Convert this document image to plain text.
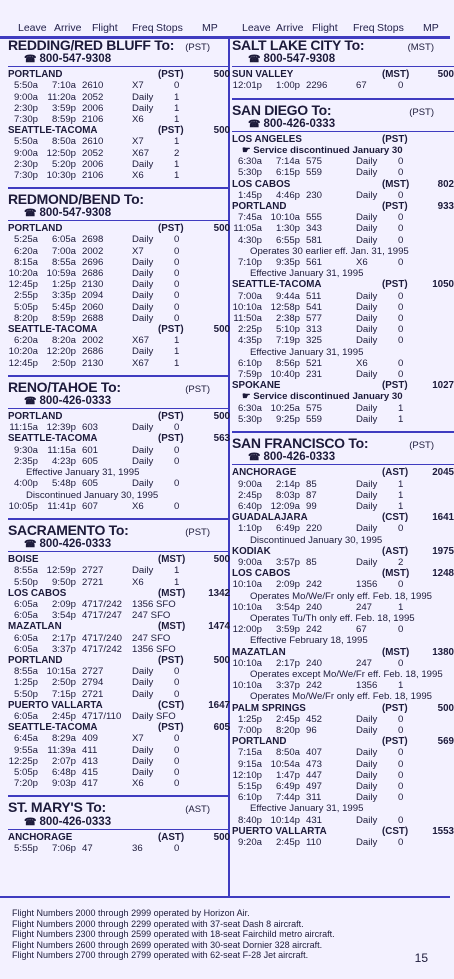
Leave Arrive Flight Freq Stops MP Leave Arrive Flight Freq Stops MP
REDDING/RED BLUFF To: (PST)
☎ 800-547-9308
PORTLAND	(PST)	500
5:50a	7:10a 2610	X7	0
9:00a 11:20a 2052	Daily	1
2:30p	3:59p 2006	Daily	1
7:30p	8:59p 2106	X6	1
SEATTLE-TACOMA	(PST)	500
5:50a	8:50a 2610	X7	1
9:00a 12:50p 2052	X67	2
2:30p	5:20p 2006	Daily	1
7:30p 10:30p 2106	X6	1
REDMOND/BEND To:
☎ 800-547-9308
PORTLAND	(PST)	500
5:25a	6:05a 2698	Daily	0
6:20a	7:00a 2002	X7	0
8:15a	8:55a 2696	Daily	0
10:20a 10:59a 2686	Daily	0
12:45p	1:25p 2130	Daily	0
2:55p	3:35p 2094	Daily	0
5:05p	5:45p 2060	Daily	0
8:20p	8:59p 2688	Daily	0
SEATTLE-TACOMA	(PST)	500
6:20a	8:20a 2002	X67	1
10:20a 12:20p 2686	Daily	1
12:45p	2:50p 2130	X67	1
RENO/TAHOE To:	(PST)
☎ 800-426-0333
PORTLAND	(PST)	500
11:15a 12:39p 603	Daily	0
SEATTLE-TACOMA	(PST)	563
9:30a 11:15a 601	Daily	0
2:35p	4:23p 605	Daily	0
Effective January 31, 1995
4:00p	5:48p 605	Daily	0
Discontinued January 30, 1995
10:05p 11:41p 607	X6	0
SACRAMENTO To:	(PST)
☎ 800-426-0333
BOISE	(MST)	500
8:55a 12:59p 2727	Daily	1
5:50p	9:50p 2721	X6	1
LOS CABOS	(MST)	1342
6:05a	2:09p 4717/242	1356 SFO
6:05a	3:54p 4717/247	247 SFO
MAZATLAN	(MST)	1474
6:05a	2:17p 4717/240	247 SFO
6:05a	3:37p 4717/242	1356 SFO
PORTLAND	(PST)	500
8:55a 10:15a 2727	Daily	0
1:25p	2:50p 2794	Daily	0
5:50p	7:15p 2721	Daily	0
PUERTO VALLARTA	(CST)	1647
6:05a	2:45p 4717/110	Daily SFO
SEATTLE-TACOMA	(PST)	605
6:45a	8:29a 409	X7	0
9:55a 11:39a 411	Daily	0
12:25p	2:07p 413	Daily	0
5:05p	6:48p 415	Daily	0
7:20p	9:03p 417	X6	0
ST. MARY'S To:	(AST)
☎ 800-426-0333
ANCHORAGE	(AST)	500
5:55p	7:06p 47	36	0
SALT LAKE CITY To:	(MST)
☎ 800-547-9308
SUN VALLEY	(MST)	500
12:01p	1:00p 2296	67	0
SAN DIEGO To:	(PST)
☎ 800-426-0333
LOS ANGELES	(PST)
☛ Service discontinued January 30
6:30a	7:14a 575	Daily	0
5:30p	6:15p 559	Daily	0
LOS CABOS	(MST)	802
1:45p	4:46p 230	Daily	0
PORTLAND	(PST)	933
7:45a 10:10a 555	Daily	0
11:05a	1:30p 343	Daily	0
4:30p	6:55p 581	Daily	0
Operates 30 earlier eff. Jan. 31, 1995
7:10p	9:35p 561	X6	0
Effective January 31, 1995
SEATTLE-TACOMA	(PST)	1050
7:00a	9:44a 511	Daily	0
10:10a 12:58p 541	Daily	0
11:50a	2:38p 577	Daily	0
2:25p	5:10p 313	Daily	0
4:35p	7:19p 325	Daily	0
Effective January 31, 1995
6:10p	8:56p 521	X6	0
7:59p 10:40p 231	Daily	0
SPOKANE	(PST)	1027
☛ Service discontinued January 30
6:30a 10:25a 575	Daily	1
5:30p	9:25p 559	Daily	1
SAN FRANCISCO To:	(PST)
☎ 800-426-0333
ANCHORAGE	(AST)	2045
9:00a	2:14p 85	Daily	1
2:45p	8:03p 87	Daily	1
6:40p 12:09a 99	Daily	1
GUADALAJARA	(CST)	1641
1:10p	6:49p 220	Daily	0
Discontinued January 30, 1995
KODIAK	(AST)	1975
9:00a	3:57p 85	Daily	2
LOS CABOS	(MST)	1248
10:10a	2:09p 242	1356	0
Operates Mo/We/Fr only eff. Feb. 18, 1995
10:10a	3:54p 240	247	1
Operates Tu/Th only eff. Feb. 18, 1995
12:00p	3:59p 242	67	0
Effective February 18, 1995
MAZATLAN	(MST)	1380
10:10a	2:17p 240	247	0
Operates except Mo/We/Fr eff. Feb. 18, 1995
10:10a	3:37p 242	1356	1
Operates Mo/We/Fr only eff. Feb. 18, 1995
PALM SPRINGS	(PST)	500
1:25p	2:45p 452	Daily	0
7:00p	8:20p 96	Daily	0
PORTLAND	(PST)	569
7:15a	8:50a 407	Daily	0
9:15a 10:54a 473	Daily	0
12:10p	1:47p 447	Daily	0
5:15p	6:49p 497	Daily	0
6:10p	7:44p 311	Daily	0
Effective January 31, 1995
8:40p 10:14p 431	Daily	0
PUERTO VALLARTA	(CST)	1553
9:20a	2:45p 110	Daily	0
Flight Numbers 2000 through 2999 operated by Horizon Air.
Flight Numbers 2000 through 2299 operated with 37-seat Dash 8 aircraft.
Flight Numbers 2300 through 2599 operated with 18-seat Fairchild metro aircraft.
Flight Numbers 2600 through 2699 operated with 30-seat Dornier 328 aircraft.
Flight Numbers 2700 through 2799 operated with 62-seat F-28 Jet aircraft.	15
